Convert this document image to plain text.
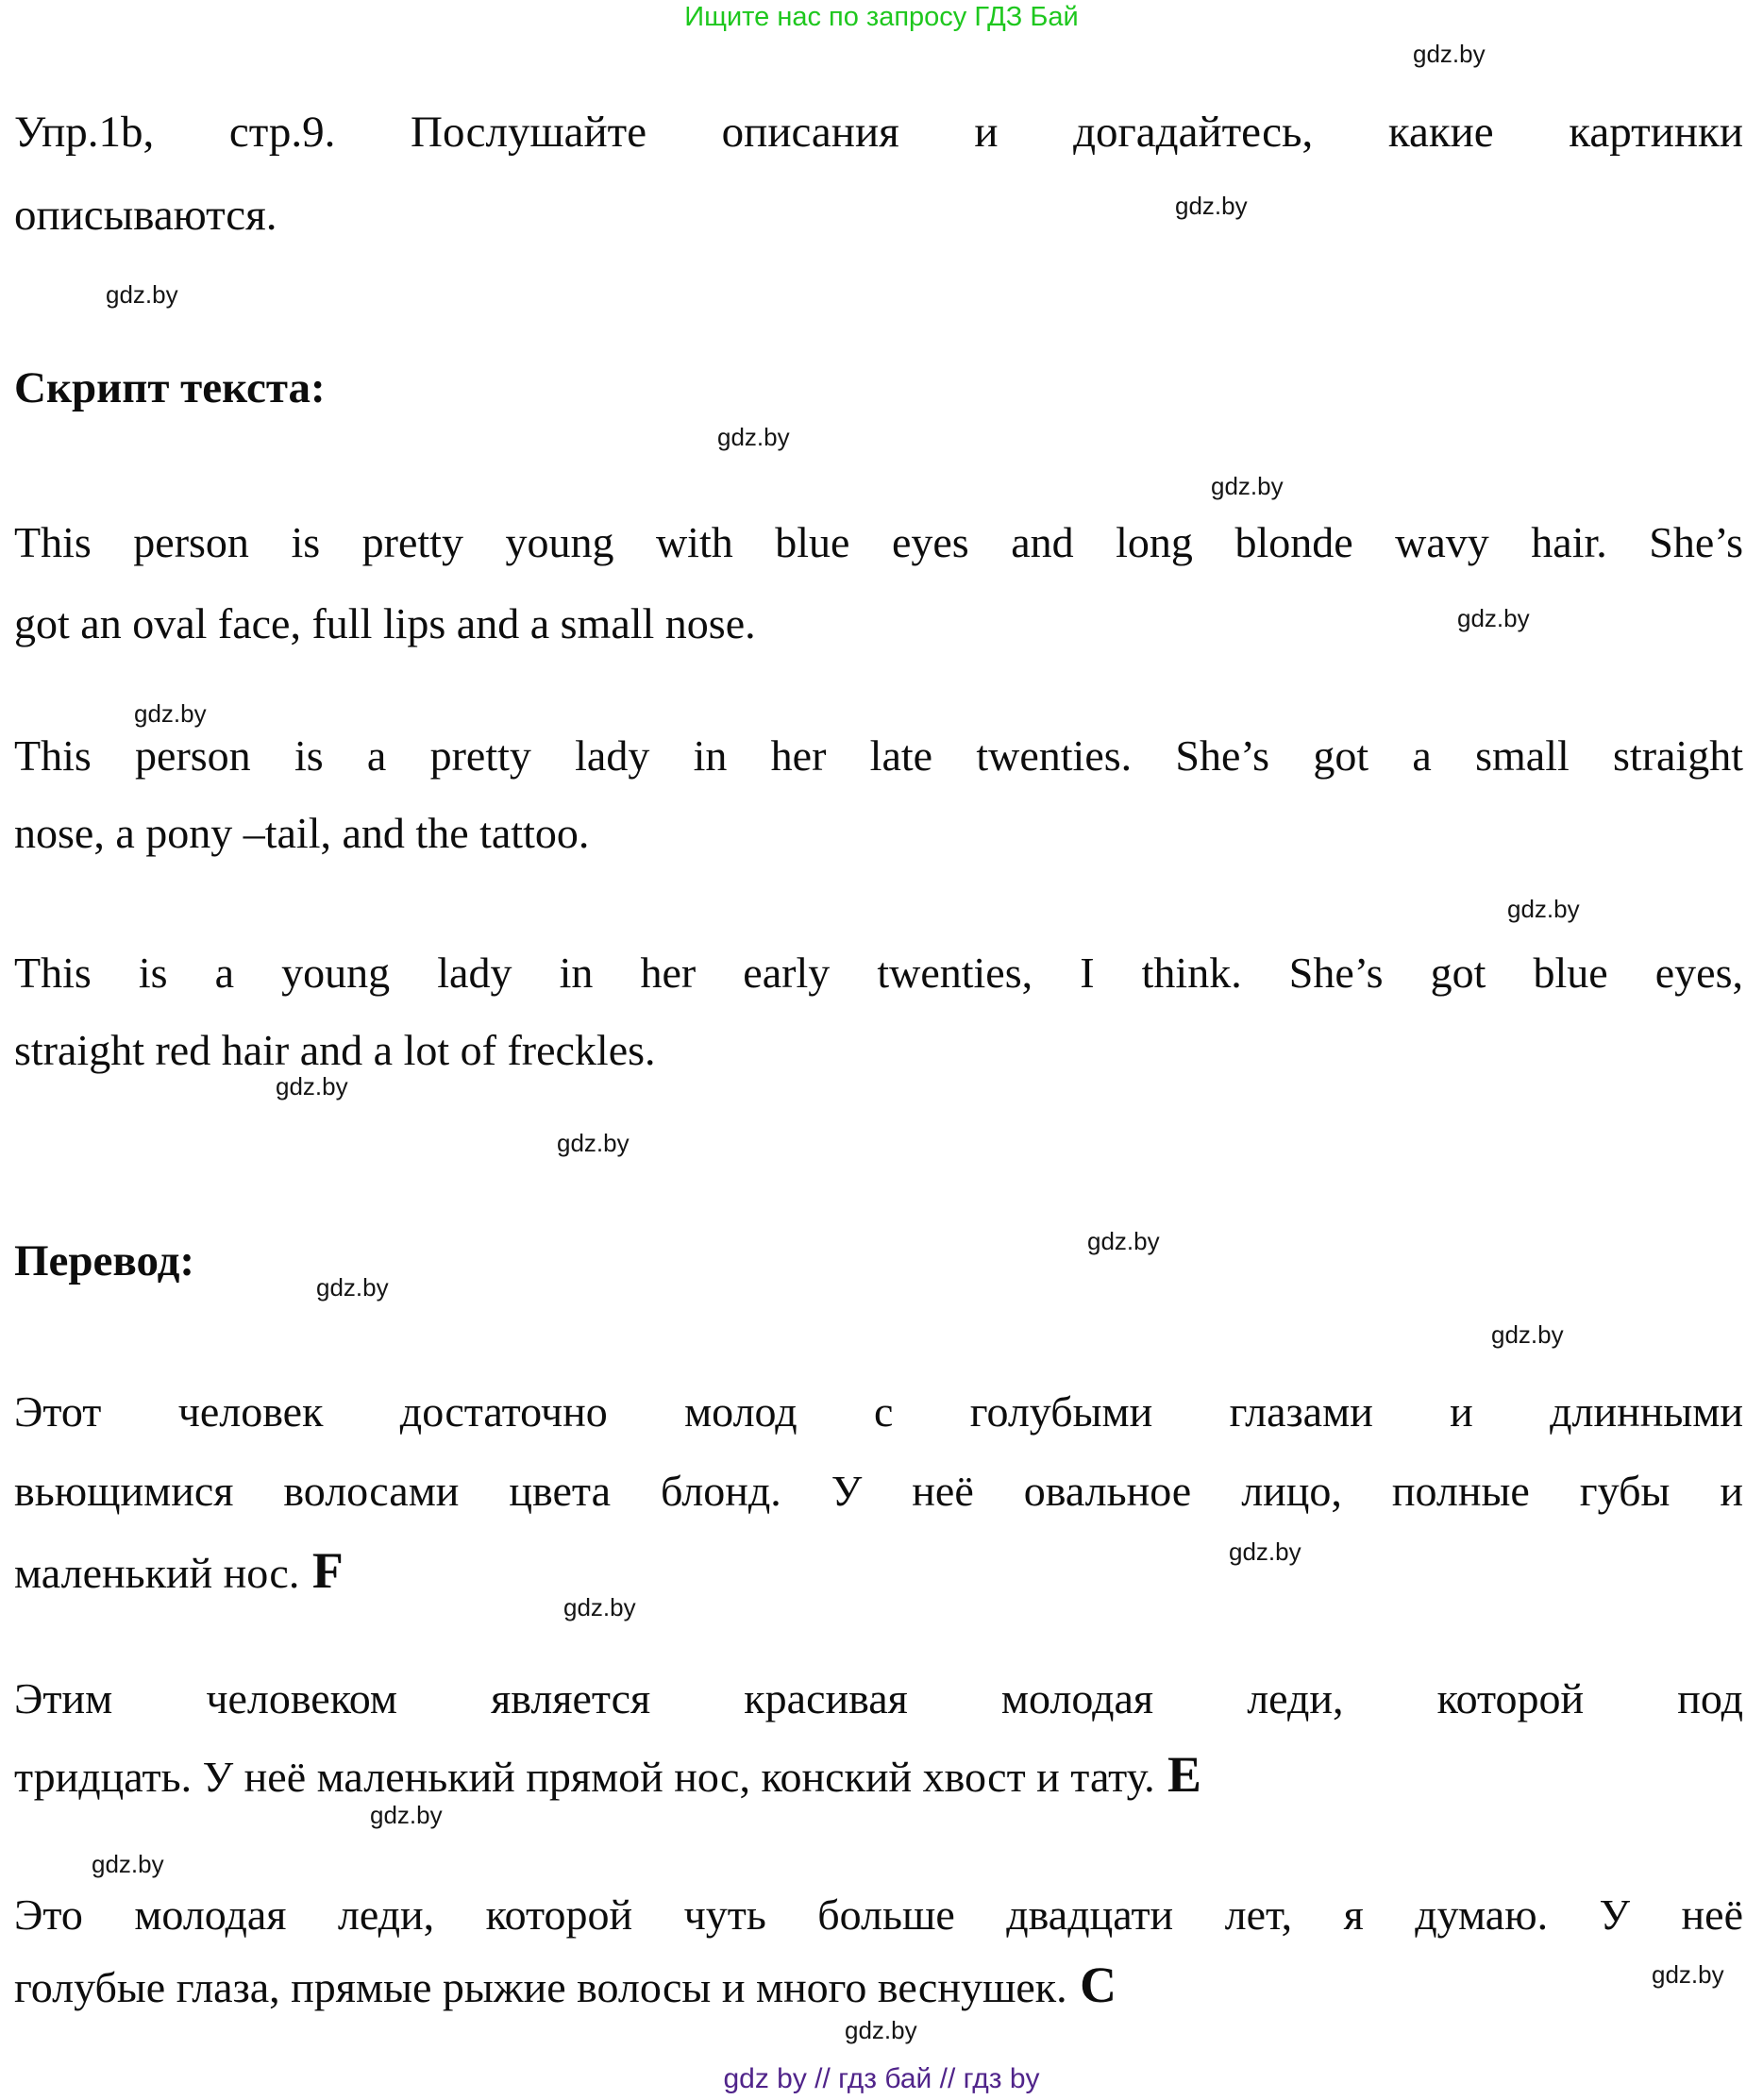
Ищите нас по запросу ГДЗ Бай
Упр.1b, стр.9. Послушайте описания и догадайтесь, какие картинки
описываются.
Скрипт текста:
This person is pretty young with blue eyes and long blonde wavy hair. She’s
got an oval face, full lips and a small nose.
This person is a pretty lady in her late twenties. She’s got a small straight
nose, a pony –tail, and the tattoo.
This is a young lady in her early twenties, I think. She’s got blue eyes,
straight red hair and a lot of freckles.
Перевод:
Этот человек достаточно молод с голубыми глазами и длинными
вьющимися волосами цвета блонд. У неё овальное лицо, полные губы и
маленький нос. F
Этим человеком является красивая молодая леди, которой под
тридцать. У неё маленький прямой нос, конский хвост и тату. E
Это молодая леди, которой чуть больше двадцати лет, я думаю. У неё
голубые глаза, прямые рыжие волосы и много веснушек. C
gdz.by
gdz.by
gdz.by
gdz.by
gdz.by
gdz.by
gdz.by
gdz.by
gdz.by
gdz.by
gdz.by
gdz.by
gdz.by
gdz.by
gdz.by
gdz.by
gdz.by
gdz.by
gdz.by
gdz by // гдз бай // гдз by
